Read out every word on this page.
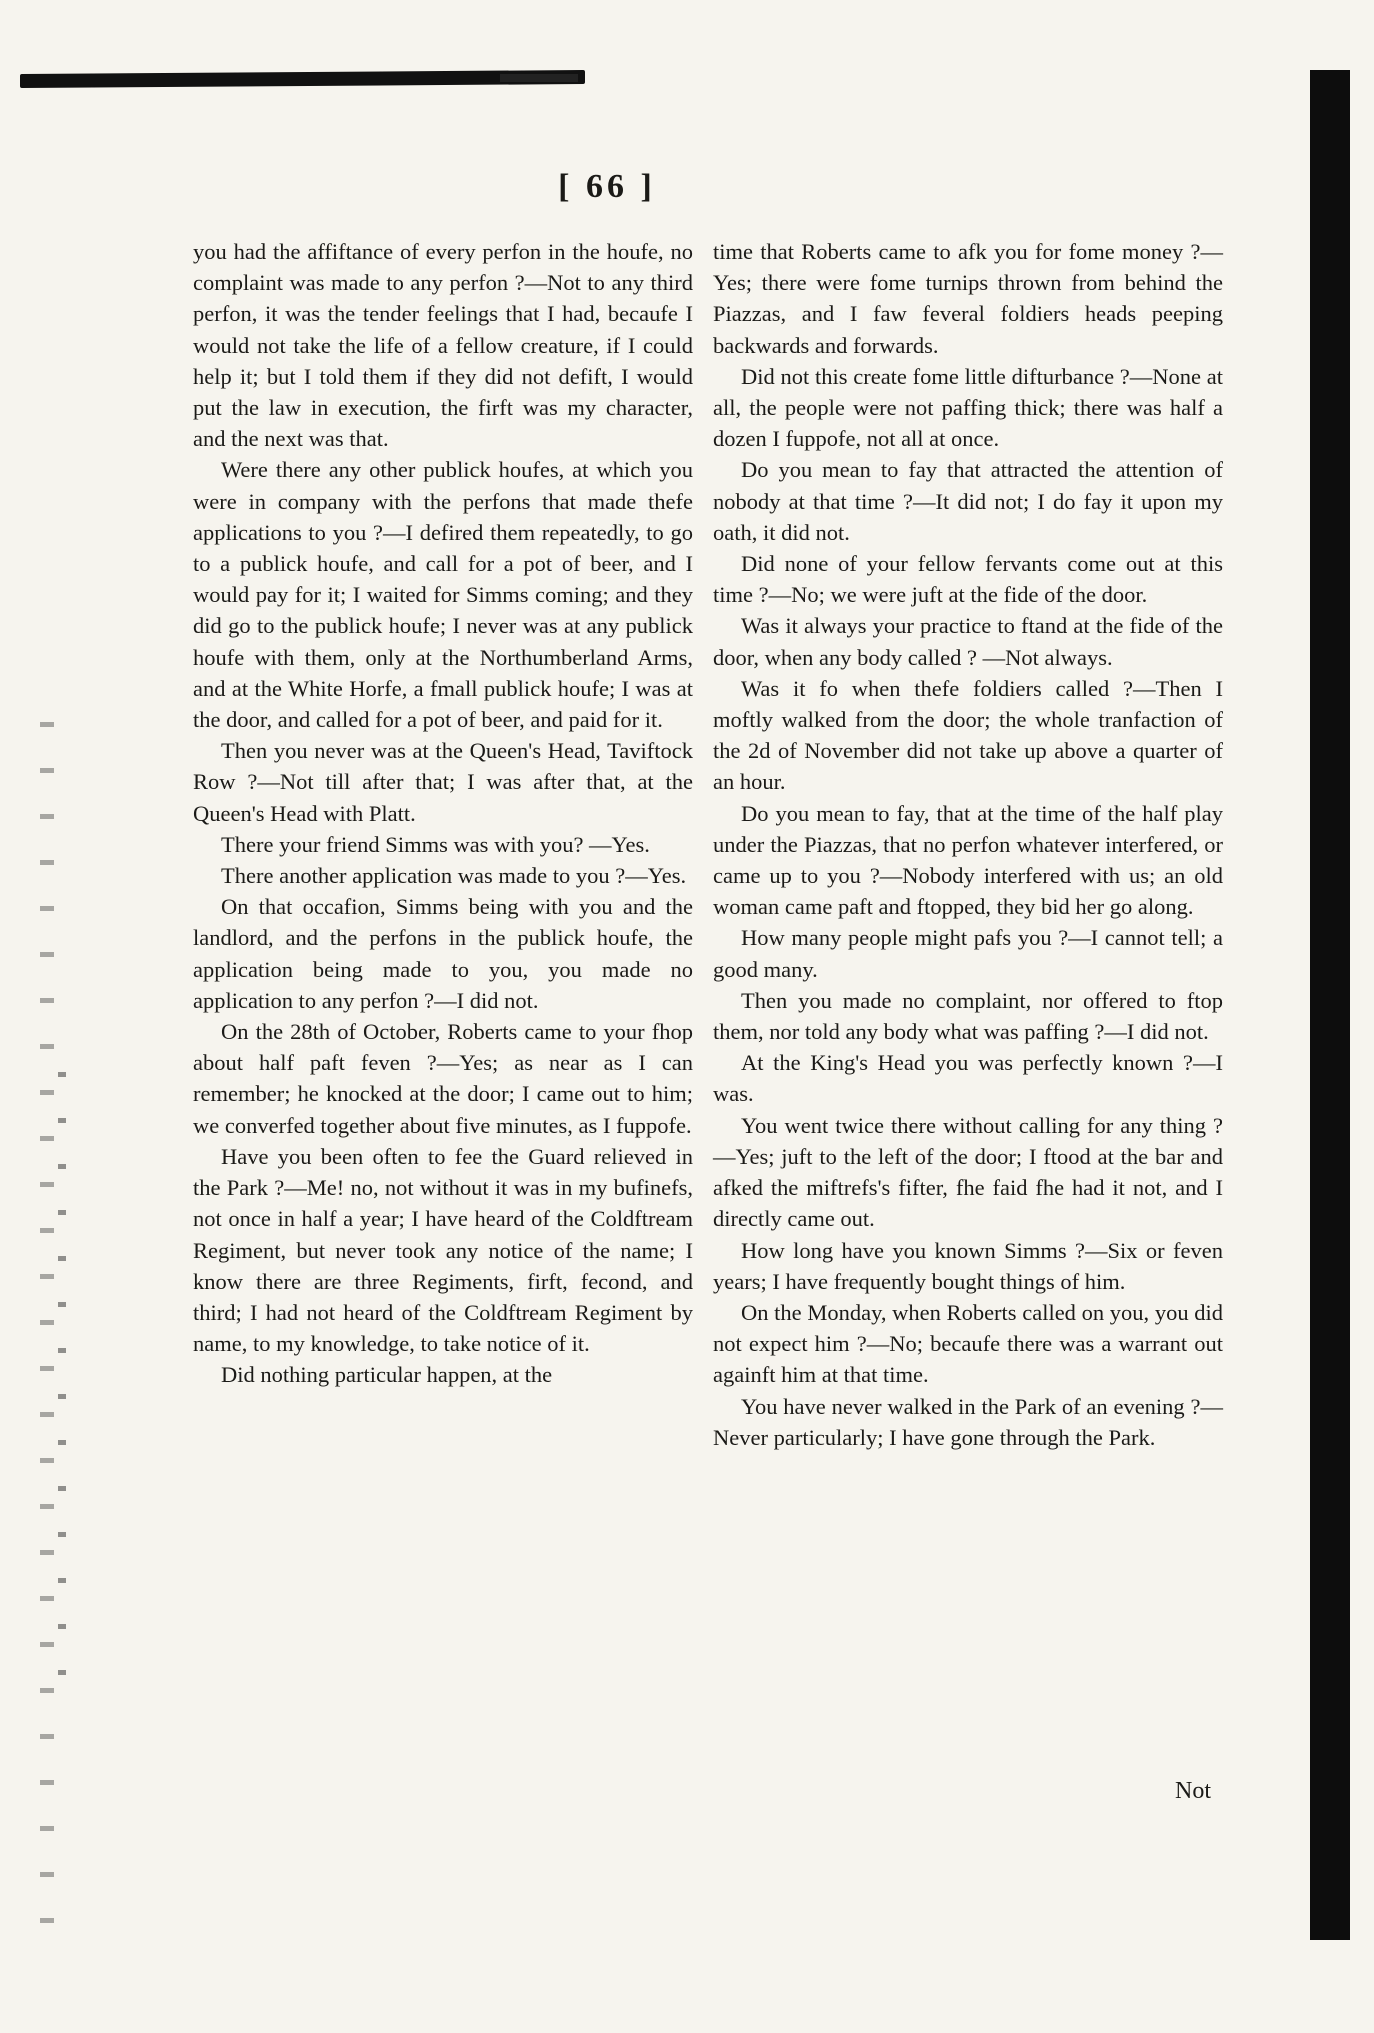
[ 66 ]

you had the affiftance of every perfon in the houfe, no complaint was made to any perfon ?—Not to any third perfon, it was the tender feelings that I had, becaufe I would not take the life of a fellow creature, if I could help it; but I told them if they did not defift, I would put the law in execution, the firft was my character, and the next was that.

Were there any other publick houfes, at which you were in company with the perfons that made thefe applications to you ?—I defired them repeatedly, to go to a publick houfe, and call for a pot of beer, and I would pay for it; I waited for Simms coming; and they did go to the publick houfe; I never was at any publick houfe with them, only at the Northumberland Arms, and at the White Horfe, a fmall publick houfe; I was at the door, and called for a pot of beer, and paid for it.

Then you never was at the Queen's Head, Taviftock Row ?—Not till after that; I was after that, at the Queen's Head with Platt.

There your friend Simms was with you? —Yes.

There another application was made to you ?—Yes.

On that occafion, Simms being with you and the landlord, and the perfons in the publick houfe, the application being made to you, you made no application to any perfon ?—I did not.

On the 28th of October, Roberts came to your fhop about half paft feven ?—Yes; as near as I can remember; he knocked at the door; I came out to him; we converfed together about five minutes, as I fuppofe.

Have you been often to fee the Guard relieved in the Park ?—Me! no, not without it was in my bufinefs, not once in half a year; I have heard of the Coldftream Regiment, but never took any notice of the name; I know there are three Regiments, firft, fecond, and third; I had not heard of the Coldftream Regiment by name, to my knowledge, to take notice of it.

Did nothing particular happen, at the

time that Roberts came to afk you for fome money ?—Yes; there were fome turnips thrown from behind the Piazzas, and I faw feveral foldiers heads peeping backwards and forwards.

Did not this create fome little difturbance ?—None at all, the people were not paffing thick; there was half a dozen I fuppofe, not all at once.

Do you mean to fay that attracted the attention of nobody at that time ?—It did not; I do fay it upon my oath, it did not.

Did none of your fellow fervants come out at this time ?—No; we were juft at the fide of the door.

Was it always your practice to ftand at the fide of the door, when any body called ? —Not always.

Was it fo when thefe foldiers called ?—Then I moftly walked from the door; the whole tranfaction of the 2d of November did not take up above a quarter of an hour.

Do you mean to fay, that at the time of the half play under the Piazzas, that no perfon whatever interfered, or came up to you ?—Nobody interfered with us; an old woman came paft and ftopped, they bid her go along.

How many people might pafs you ?—I cannot tell; a good many.

Then you made no complaint, nor offered to ftop them, nor told any body what was paffing ?—I did not.

At the King's Head you was perfectly known ?—I was.

You went twice there without calling for any thing ?—Yes; juft to the left of the door; I ftood at the bar and afked the miftrefs's fifter, fhe faid fhe had it not, and I directly came out.

How long have you known Simms ?—Six or feven years; I have frequently bought things of him.

On the Monday, when Roberts called on you, you did not expect him ?—No; becaufe there was a warrant out againft him at that time.

You have never walked in the Park of an evening ?—Never particularly; I have gone through the Park.

Not
